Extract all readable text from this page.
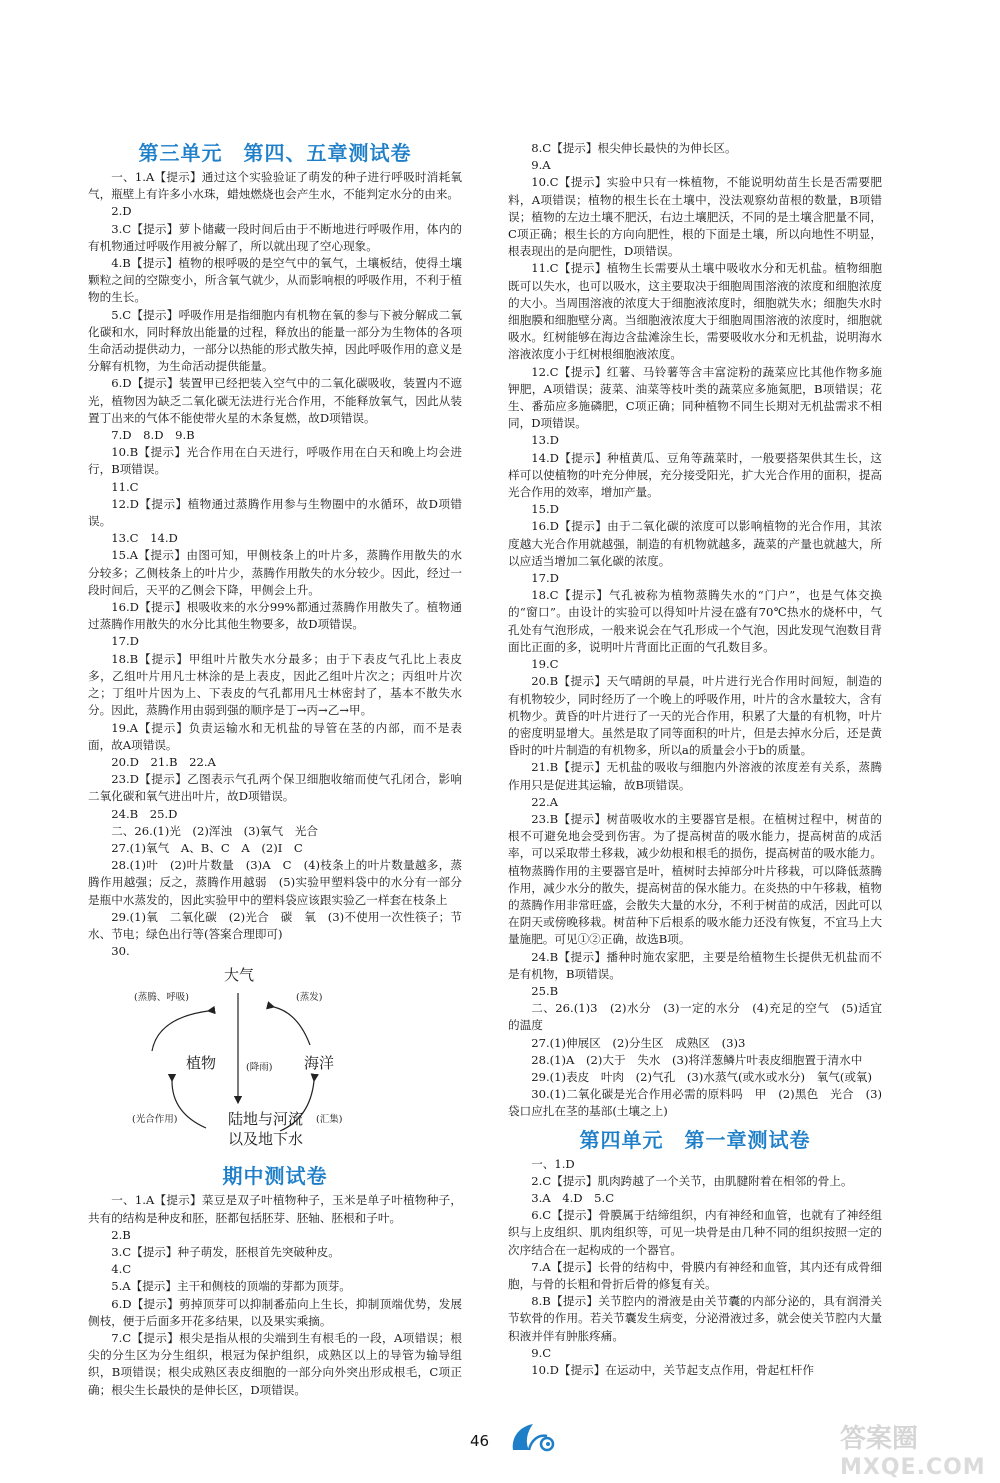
第三单元　第四、五章测试卷

一、1.A【提示】通过这个实验验证了萌发的种子进行呼吸时消耗氧气，瓶壁上有许多小水珠，蜡烛燃烧也会产生水，不能判定水分的由来。

2.D

3.C【提示】萝卜储藏一段时间后由于不断地进行呼吸作用，体内的有机物通过呼吸作用被分解了，所以就出现了空心现象。

4.B【提示】植物的根呼吸的是空气中的氧气，土壤板结，使得土壤颗粒之间的空隙变小，所含氧气就少，从而影响根的呼吸作用，不利于植物的生长。

5.C【提示】呼吸作用是指细胞内有机物在氧的参与下被分解成二氧化碳和水，同时释放出能量的过程，释放出的能量一部分为生物体的各项生命活动提供动力，一部分以热能的形式散失掉，因此呼吸作用的意义是分解有机物，为生命活动提供能量。

6.D【提示】装置甲已经把装入空气中的二氧化碳吸收，装置内不遮光，植物因为缺乏二氧化碳无法进行光合作用，不能释放氧气，因此从装置丁出来的气体不能使带火星的木条复燃，故D项错误。

7.D　8.D　9.B

10.B【提示】光合作用在白天进行，呼吸作用在白天和晚上均会进行，B项错误。

11.C

12.D【提示】植物通过蒸腾作用参与生物圈中的水循环，故D项错误。

13.C　14.D

15.A【提示】由图可知，甲侧枝条上的叶片多，蒸腾作用散失的水分较多；乙侧枝条上的叶片少，蒸腾作用散失的水分较少。因此，经过一段时间后，天平的乙侧会下降，甲侧会上升。

16.D【提示】根吸收来的水分99%都通过蒸腾作用散失了。植物通过蒸腾作用散失的水分比其他生物要多，故D项错误。

17.D

18.B【提示】甲组叶片散失水分最多；由于下表皮气孔比上表皮多，乙组叶片用凡士林涂的是上表皮，因此乙组叶片次之；丙组叶片次之；丁组叶片因为上、下表皮的气孔都用凡士林密封了，基本不散失水分。因此，蒸腾作用由弱到强的顺序是丁→丙→乙→甲。

19.A【提示】负责运输水和无机盐的导管在茎的内部，而不是表面，故A项错误。

20.D　21.B　22.A

23.D【提示】乙图表示气孔两个保卫细胞收缩而使气孔闭合，影响二氧化碳和氧气进出叶片，故D项错误。

24.B　25.D

二、26.(1)光　(2)浑浊　(3)氧气　光合

27.(1)氧气　A、B、C　A　(2)Ⅰ　C

28.(1)叶　(2)叶片数量　(3)A　C　(4)枝条上的叶片数量越多，蒸腾作用越强；反之，蒸腾作用越弱　(5)实验甲塑料袋中的水分有一部分是瓶中水蒸发的，因此实验甲中的塑料袋应该跟实验乙一样套在枝条上

29.(1)氧　二氧化碳　(2)光合　碳　氧　(3)不使用一次性筷子；节水、节电；绿色出行等(答案合理即可)

30.

大气
(蒸腾、呼吸)	(蒸发)
植物	(降雨) 海洋
(光合作用)	(汇集)
陆地与河流以及地下水
期中测试卷

一、1.A【提示】菜豆是双子叶植物种子，玉米是单子叶植物种子，共有的结构是种皮和胚，胚都包括胚芽、胚轴、胚根和子叶。

2.B

3.C【提示】种子萌发，胚根首先突破种皮。

4.C

5.A【提示】主干和侧枝的顶端的芽都为顶芽。

6.D【提示】剪掉顶芽可以抑制番茄向上生长，抑制顶端优势，发展侧枝，便于后面多开花多结果，以及果实乘摘。

7.C【提示】根尖是指从根的尖端到生有根毛的一段，A项错误；根尖的分生区为分生组织，根冠为保护组织，成熟区以上的导管为输导组织，B项错误；根尖成熟区表皮细胞的一部分向外突出形成根毛，C项正确；根尖生长最快的是伸长区，D项错误。

8.C【提示】根尖伸长最快的为伸长区。

9.A

10.C【提示】实验中只有一株植物，不能说明幼苗生长是否需要肥料，A项错误；植物的根生长在土壤中，没法观察幼苗根的数量，B项错误；植物的左边土壤不肥沃，右边土壤肥沃，不同的是土壤含肥量不同，C项正确；根生长的方向向肥性，根的下面是土壤，所以向地性不明显，根表现出的是向肥性，D项错误。

11.C【提示】植物生长需要从土壤中吸收水分和无机盐。植物细胞既可以失水，也可以吸水，这主要取决于细胞周围溶液的浓度和细胞浓度的大小。当周围溶液的浓度大于细胞液浓度时，细胞就失水；细胞失水时细胞膜和细胞壁分离。当细胞液浓度大于细胞周围溶液的浓度时，细胞就吸水。红树能够在海边含盐滩涂生长，需要吸收水分和无机盐，说明海水溶液浓度小于红树根细胞液浓度。

12.C【提示】红薯、马铃薯等含丰富淀粉的蔬菜应比其他作物多施钾肥，A项错误；菠菜、油菜等枝叶类的蔬菜应多施氮肥，B项错误；花生、番茄应多施磷肥，C项正确；同种植物不同生长期对无机盐需求不相同，D项错误。

13.D

14.D【提示】种植黄瓜、豆角等蔬菜时，一般要搭架供其生长，这样可以使植物的叶充分伸展，充分接受阳光，扩大光合作用的面积，提高光合作用的效率，增加产量。

15.D

16.D【提示】由于二氧化碳的浓度可以影响植物的光合作用，其浓度越大光合作用就越强，制造的有机物就越多，蔬菜的产量也就越大，所以应适当增加二氧化碳的浓度。

17.D

18.C【提示】气孔被称为植物蒸腾失水的“门户”，也是气体交换的“窗口”。由设计的实验可以得知叶片浸在盛有70℃热水的烧杯中，气孔处有气泡形成，一般来说会在气孔形成一个气泡，因此发现气泡数目背面比正面的多，说明叶片背面比正面的气孔数目多。

19.C

20.B【提示】天气晴朗的早晨，叶片进行光合作用时间短，制造的有机物较少，同时经历了一个晚上的呼吸作用，叶片的含水量较大，含有机物少。黄昏的叶片进行了一天的光合作用，积累了大量的有机物，叶片的密度明显增大。虽然是取了同等面积的叶片，但是去掉水分后，还是黄昏时的叶片制造的有机物多，所以a的质量会小于b的质量。

21.B【提示】无机盐的吸收与细胞内外溶液的浓度差有关系，蒸腾作用只是促进其运输，故B项错误。

22.A

23.B【提示】树苗吸收水的主要器官是根。在植树过程中，树苗的根不可避免地会受到伤害。为了提高树苗的吸水能力，提高树苗的成活率，可以采取带土移栽，减少幼根和根毛的损伤，提高树苗的吸水能力。植物蒸腾作用的主要器官是叶，植树时去掉部分叶片移栽，可以降低蒸腾作用，减少水分的散失，提高树苗的保水能力。在炎热的中午移栽，植物的蒸腾作用非常旺盛，会散失大量的水分，不利于树苗的成活，因此可以在阴天或傍晚移栽。树苗种下后根系的吸水能力还没有恢复，不宜马上大量施肥。可见①②正确，故选B项。

24.B【提示】播种时施农家肥，主要是给植物生长提供无机盐而不是有机物，B项错误。

25.B

二、26.(1)3　(2)水分　(3)一定的水分　(4)充足的空气　(5)适宜的温度

27.(1)伸展区　(2)分生区　成熟区　(3)3

28.(1)A　(2)大于　失水　(3)将洋葱鳞片叶表皮细胞置于清水中

29.(1)表皮　叶肉　(2)气孔　(3)水蒸气(或水或水分)　氧气(或氧)

30.(1)二氧化碳是光合作用必需的原料吗　甲　(2)黑色　光合　(3)袋口应扎在茎的基部(土壤之上)

第四单元　第一章测试卷

一、1.D

2.C【提示】肌肉跨越了一个关节，由肌腱附着在相邻的骨上。

3.A　4.D　5.C

6.C【提示】骨膜属于结缔组织，内有神经和血管，也就有了神经组织与上皮组织、肌肉组织等，可见一块骨是由几种不同的组织按照一定的次序结合在一起构成的一个器官。

7.A【提示】长骨的结构中，骨膜内有神经和血管，其内还有成骨细胞，与骨的长粗和骨折后骨的修复有关。

8.B【提示】关节腔内的滑液是由关节囊的内部分泌的，具有润滑关节软骨的作用。若关节囊发生病变，分泌滑液过多，就会使关节腔内大量积液并伴有肿胀疼痛。

9.C

10.D【提示】在运动中，关节起支点作用，骨起杠杆作

46	答案圈
MXQE.COM
